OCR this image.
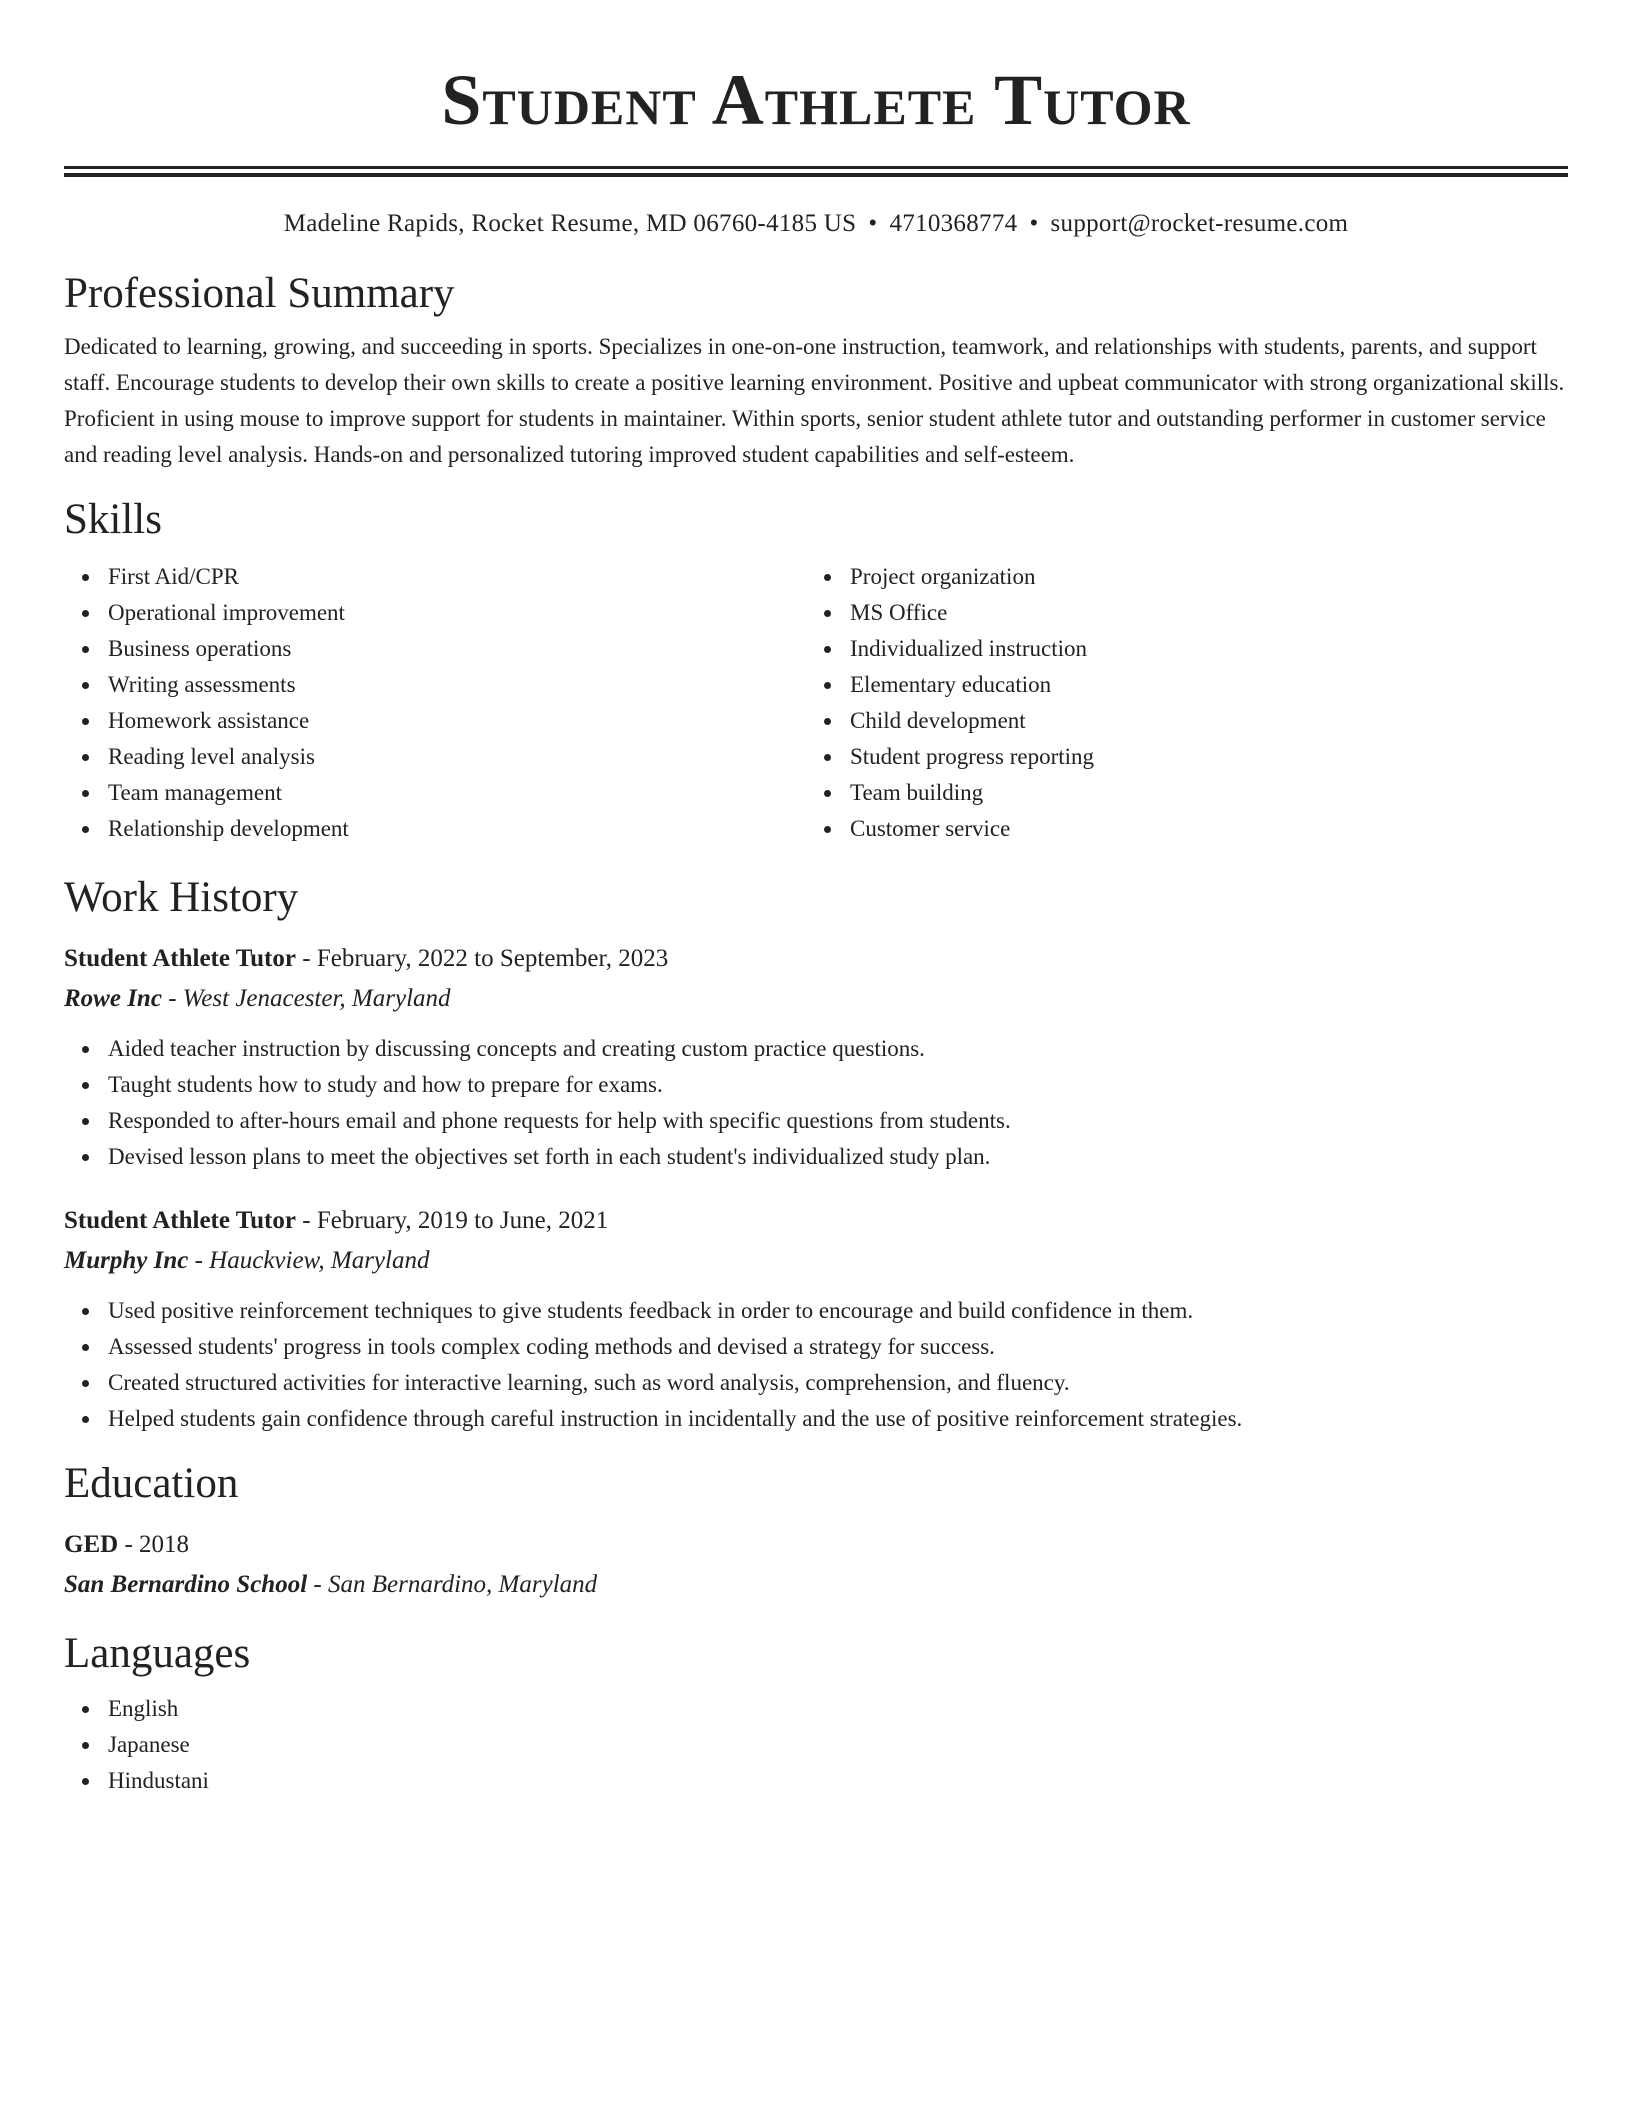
Student Athlete Tutor
Madeline Rapids, Rocket Resume, MD 06760-4185 US • 4710368774 • support@rocket-resume.com
Professional Summary

Dedicated to learning, growing, and succeeding in sports. Specializes in one-on-one instruction, teamwork, and relationships with students, parents, and support staff. Encourage students to develop their own skills to create a positive learning environment. Positive and upbeat communicator with strong organizational skills. Proficient in using mouse to improve support for students in maintainer. Within sports, senior student athlete tutor and outstanding performer in customer service and reading level analysis. Hands-on and personalized tutoring improved student capabilities and self-esteem.

Skills
First Aid/CPR
Operational improvement
Business operations
Writing assessments
Homework assistance
Reading level analysis
Team management
Relationship development
Project organization
MS Office
Individualized instruction
Elementary education
Child development
Student progress reporting
Team building
Customer service
Work History

Student Athlete Tutor - February, 2022 to September, 2023

Rowe Inc - West Jenacester, Maryland

Aided teacher instruction by discussing concepts and creating custom practice questions.
Taught students how to study and how to prepare for exams.
Responded to after-hours email and phone requests for help with specific questions from students.
Devised lesson plans to meet the objectives set forth in each student's individualized study plan.

Student Athlete Tutor - February, 2019 to June, 2021

Murphy Inc - Hauckview, Maryland

Used positive reinforcement techniques to give students feedback in order to encourage and build confidence in them.
Assessed students' progress in tools complex coding methods and devised a strategy for success.
Created structured activities for interactive learning, such as word analysis, comprehension, and fluency.
Helped students gain confidence through careful instruction in incidentally and the use of positive reinforcement strategies.
Education

GED - 2018

San Bernardino School - San Bernardino, Maryland

Languages
English
Japanese
Hindustani
